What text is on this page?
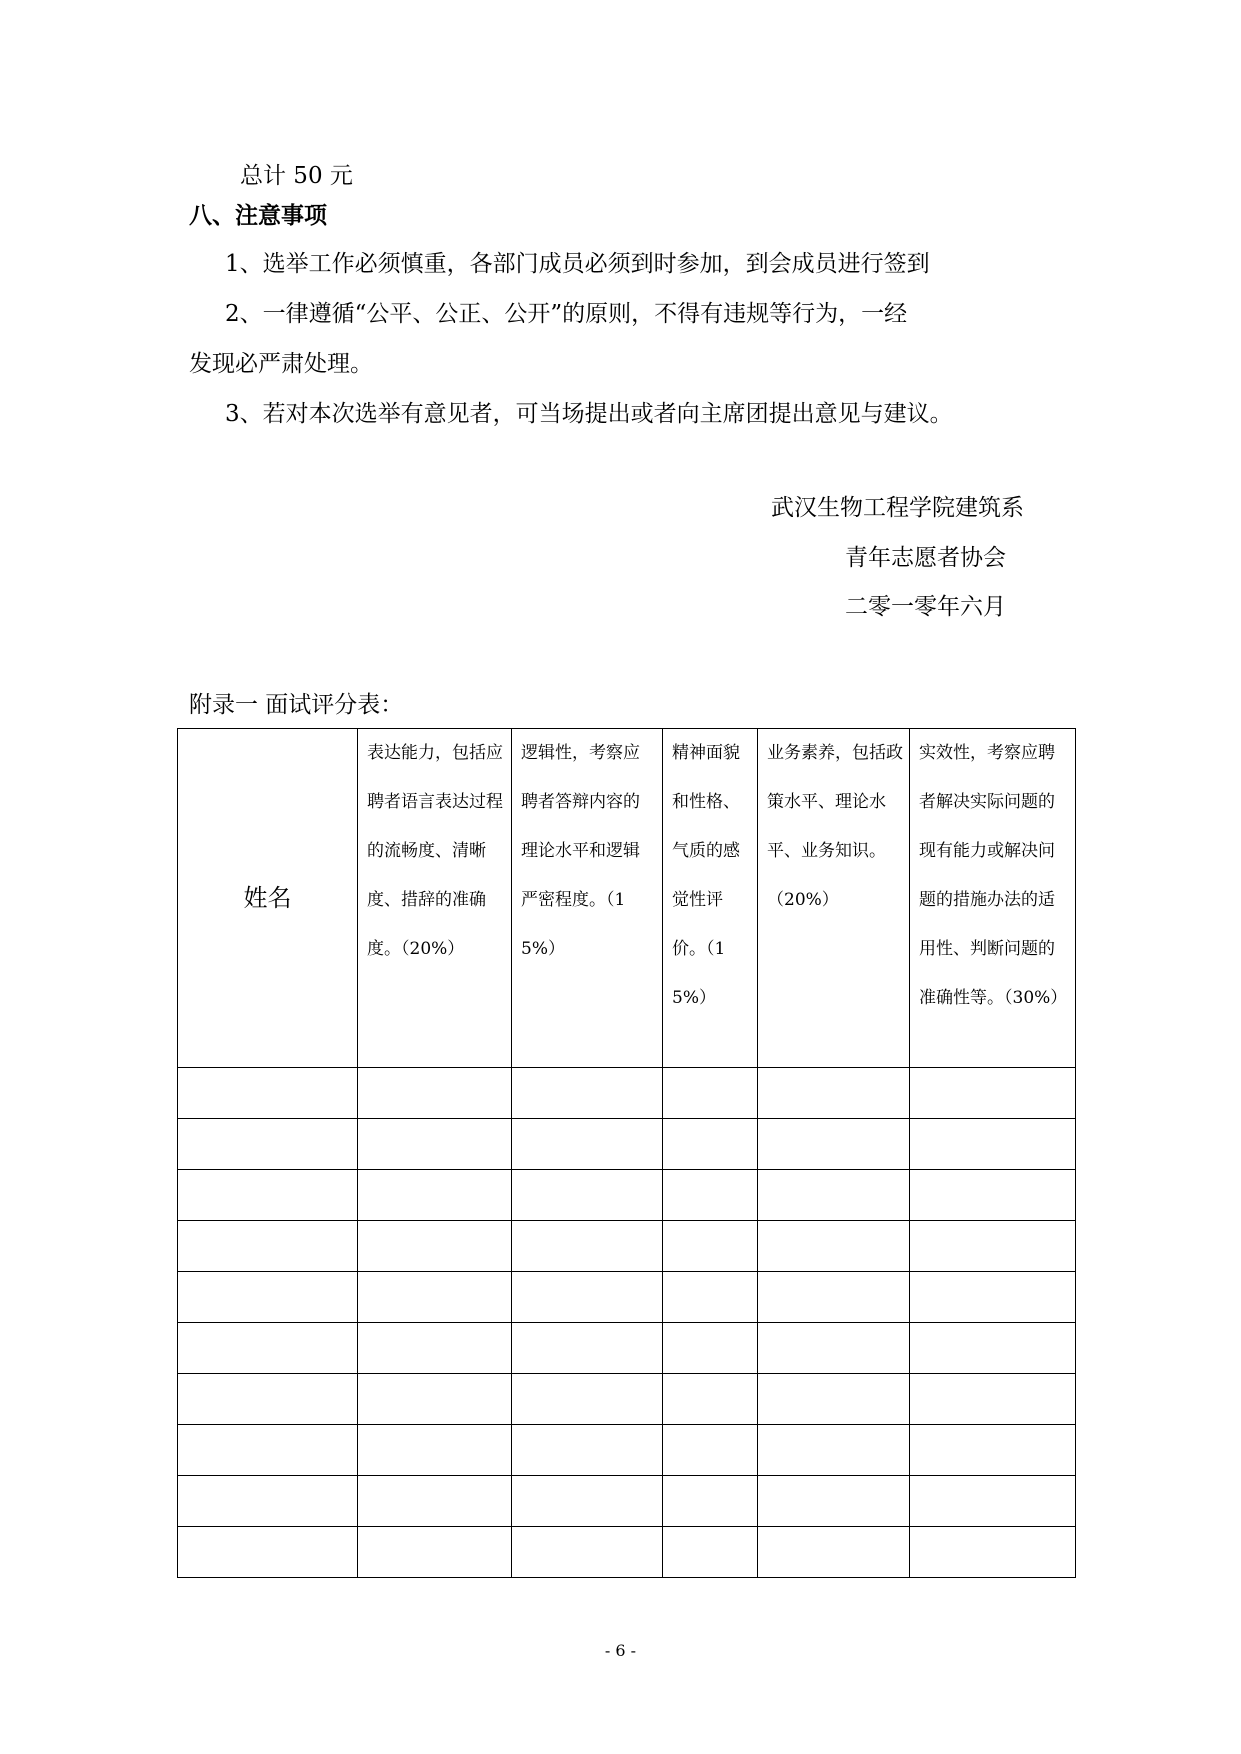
总计 50 元
八、注意事项
1、选举工作必须慎重，各部门成员必须到时参加，到会成员进行签到
2、一律遵循“公平、公正、公开”的原则，不得有违规等行为，一经
发现必严肃处理。
3、若对本次选举有意见者，可当场提出或者向主席团提出意见与建议。
武汉生物工程学院建筑系
青年志愿者协会
二零一零年六月
附录一 面试评分表：
姓名	表达能力，包括应聘者语言表达过程的流畅度、清晰度、措辞的准确度。（20%）	逻辑性，考察应聘者答辩内容的理论水平和逻辑严密程度。（15%）	精神面貌和性格、气质的感觉性评价。（15%）	业务素养，包括政策水平、理论水平、业务知识。（20%）	实效性，考察应聘者解决实际问题的现有能力或解决问题的措施办法的适用性、判断问题的准确性等。（30%）

- 6 -
